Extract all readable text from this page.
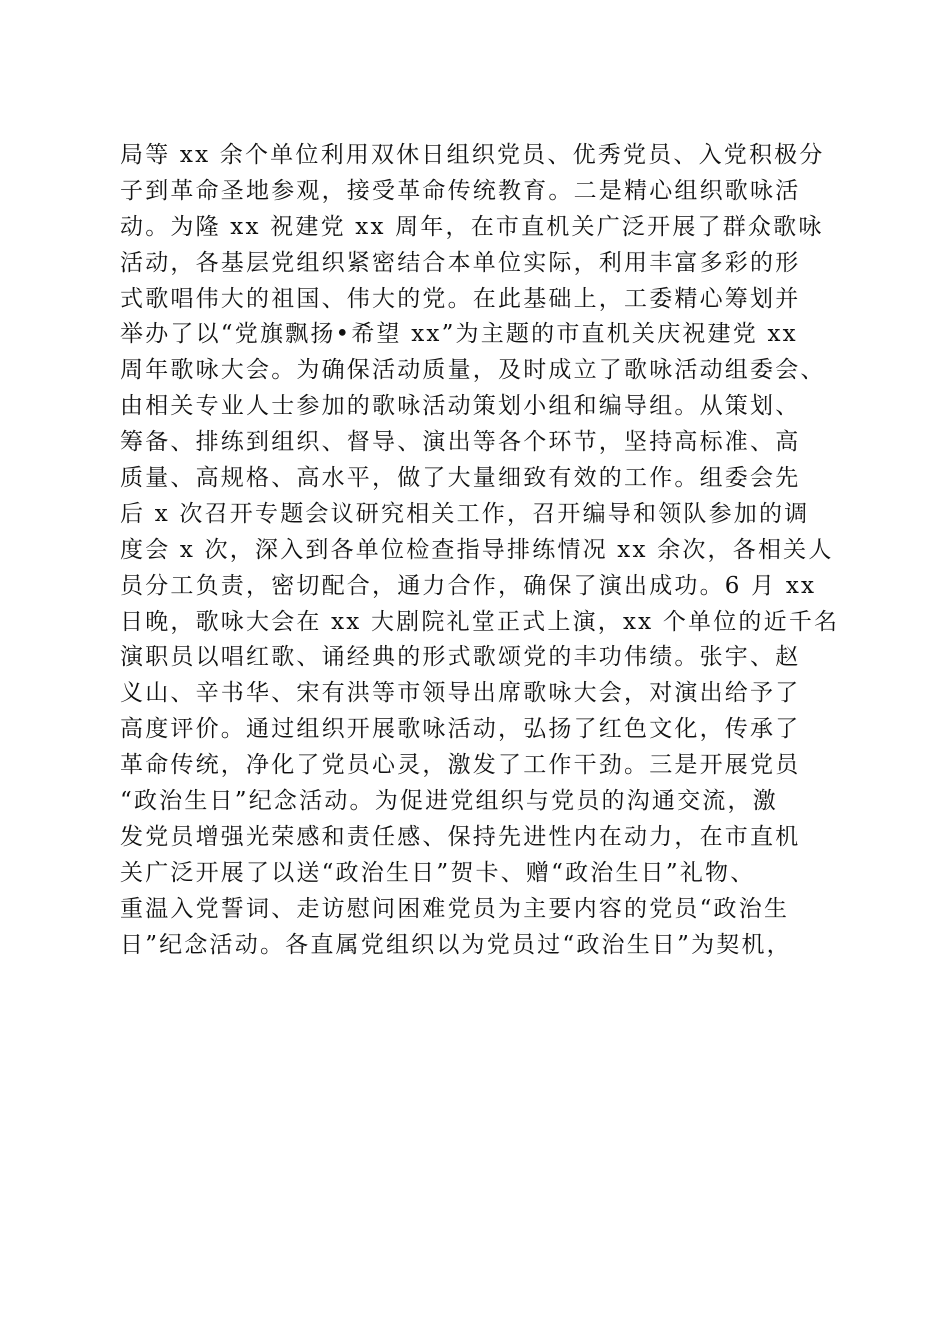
局等 xx 余个单位利用双休日组织党员、优秀党员、入党积极分
子到革命圣地参观，接受革命传统教育。二是精心组织歌咏活
动。为隆 xx 祝建党 xx 周年，在市直机关广泛开展了群众歌咏
活动，各基层党组织紧密结合本单位实际，利用丰富多彩的形
式歌唱伟大的祖国、伟大的党。在此基础上，工委精心筹划并
举办了以“党旗飘扬•希望 xx”为主题的市直机关庆祝建党 xx
周年歌咏大会。为确保活动质量，及时成立了歌咏活动组委会、
由相关专业人士参加的歌咏活动策划小组和编导组。从策划、
筹备、排练到组织、督导、演出等各个环节，坚持高标准、高
质量、高规格、高水平，做了大量细致有效的工作。组委会先
后 x 次召开专题会议研究相关工作，召开编导和领队参加的调
度会 x 次，深入到各单位检查指导排练情况 xx 余次，各相关人
员分工负责，密切配合，通力合作，确保了演出成功。6 月 xx
日晚，歌咏大会在 xx 大剧院礼堂正式上演，xx 个单位的近千名
演职员以唱红歌、诵经典的形式歌颂党的丰功伟绩。张宇、赵
义山、辛书华、宋有洪等市领导出席歌咏大会，对演出给予了
高度评价。通过组织开展歌咏活动，弘扬了红色文化，传承了
革命传统，净化了党员心灵，激发了工作干劲。三是开展党员
“政治生日”纪念活动。为促进党组织与党员的沟通交流，激
发党员增强光荣感和责任感、保持先进性内在动力，在市直机
关广泛开展了以送“政治生日”贺卡、赠“政治生日”礼物、
重温入党誓词、走访慰问困难党员为主要内容的党员“政治生
日”纪念活动。各直属党组织以为党员过“政治生日”为契机，
